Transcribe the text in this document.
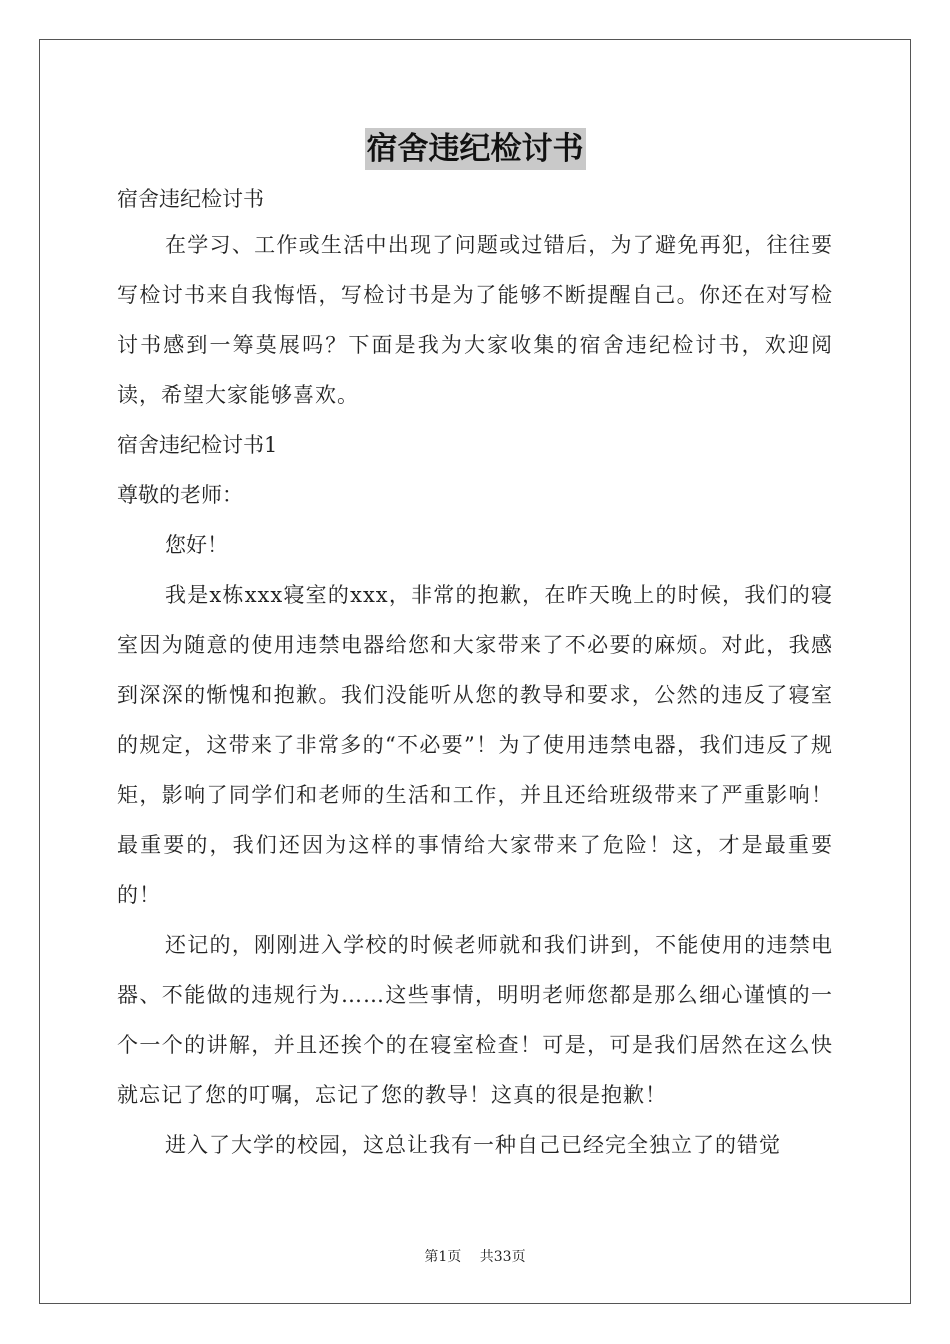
宿舍违纪检讨书

宿舍违纪检讨书

在学习、工作或生活中出现了问题或过错后，为了避免再犯，往往要写检讨书来自我悔悟，写检讨书是为了能够不断提醒自己。你还在对写检讨书感到一筹莫展吗？下面是我为大家收集的宿舍违纪检讨书，欢迎阅读，希望大家能够喜欢。

宿舍违纪检讨书1

尊敬的老师：

您好！

我是x栋xxx寝室的xxx，非常的抱歉，在昨天晚上的时候，我们的寝室因为随意的使用违禁电器给您和大家带来了不必要的麻烦。对此，我感到深深的惭愧和抱歉。我们没能听从您的教导和要求，公然的违反了寝室的规定，这带来了非常多的“不必要”！为了使用违禁电器，我们违反了规矩，影响了同学们和老师的生活和工作，并且还给班级带来了严重影响！最重要的，我们还因为这样的事情给大家带来了危险！这，才是最重要的！

还记的，刚刚进入学校的时候老师就和我们讲到，不能使用的违禁电器、不能做的违规行为……这些事情，明明老师您都是那么细心谨慎的一个一个的讲解，并且还挨个的在寝室检查！可是，可是我们居然在这么快就忘记了您的叮嘱，忘记了您的教导！这真的很是抱歉！

进入了大学的校园，这总让我有一种自己已经完全独立了的错觉

第1页 共33页
